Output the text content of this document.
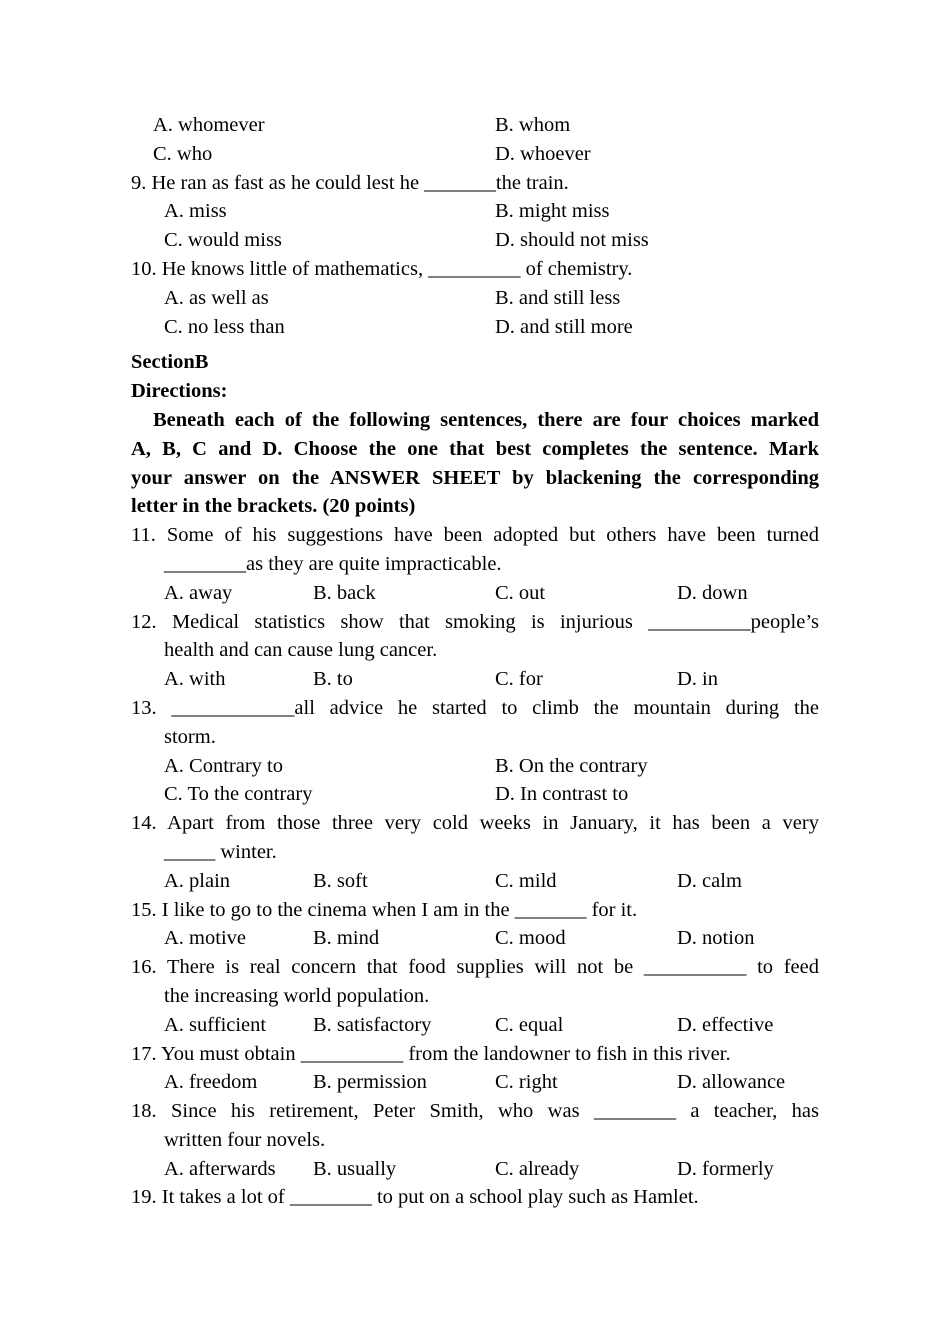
A. whomever	B. whom
C. who	D. whoever
9. He ran as fast as he could lest he _______the train.
A. miss	B. might miss
C. would miss	D. should not miss
10. He knows little of mathematics, _________ of chemistry.
A. as well as	B. and still less
C. no less than	D. and still more
SectionB
Directions:
Beneath each of the following sentences, there are four choices marked
A, B, C and D. Choose the one that best completes the sentence. Mark
your answer on the ANSWER SHEET by blackening the corresponding
letter in the brackets. (20 points)
11. Some of his suggestions have been adopted but others have been turned
________as they are quite impracticable.
A. away	B. back	C. out	D. down
12. Medical statistics show that smoking is injurious __________people’s
health and can cause lung cancer.
A. with	B. to	C. for	D. in
13. ____________all advice he started to climb the mountain during the
storm.
A. Contrary to	B. On the contrary
C. To the contrary	D. In contrast to
14. Apart from those three very cold weeks in January, it has been a very
_____ winter.
A. plain	B. soft	C. mild	D. calm
15. I like to go to the cinema when I am in the _______ for it.
A. motive	B. mind	C. mood	D. notion
16. There is real concern that food supplies will not be __________ to feed
the increasing world population.
A. sufficient B. satisfactory	C. equal	D. effective
17. You must obtain __________ from the landowner to fish in this river.
A. freedom	B. permission	C. right	D. allowance
18. Since his retirement, Peter Smith, who was ________ a teacher, has
written four novels.
A. afterwards B. usually	C. already	D. formerly
19. It takes a lot of ________ to put on a school play such as Hamlet.
